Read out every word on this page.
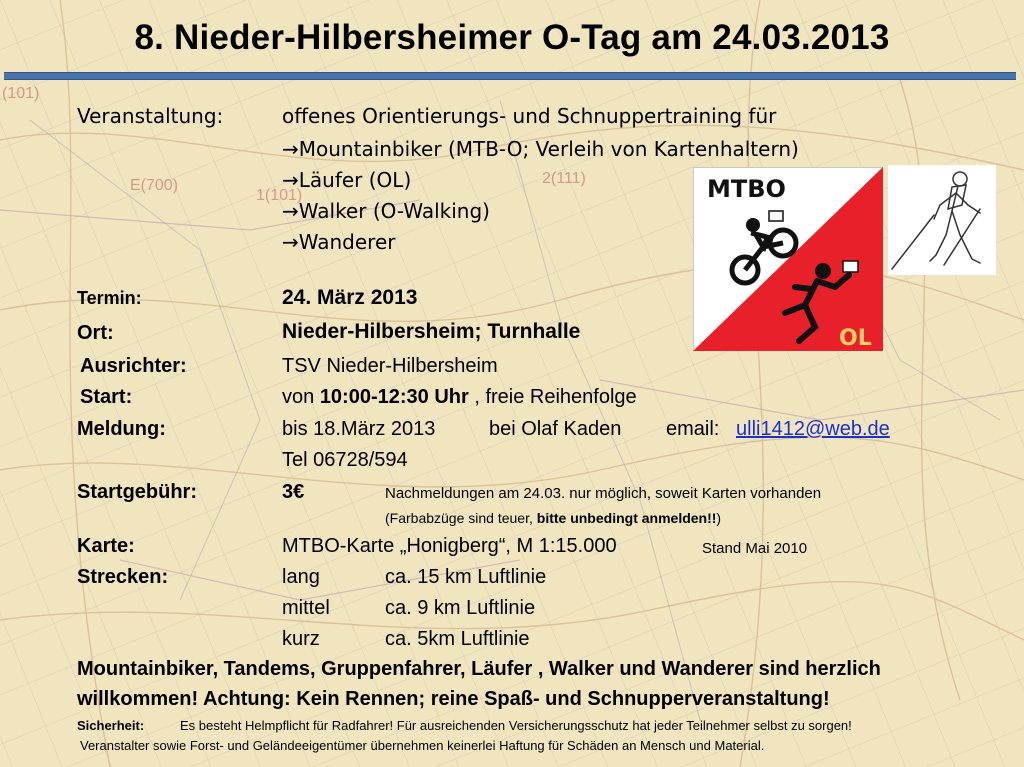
E(700)	2(111)
1(101)
(101)
8. Nieder-Hilbersheimer O-Tag am 24.03.2013
Veranstaltung:	offenes Orientierungs- und Schnuppertraining für
→Mountainbiker (MTB-O; Verleih von Kartenhaltern)
→Läufer (OL)
→Walker (O-Walking)
→Wanderer
Termin:	24. März 2013
Ort:	Nieder-Hilbersheim; Turnhalle
Ausrichter:	TSV Nieder-Hilbersheim
Start:	von 10:00-12:30 Uhr , freie Reihenfolge
Meldung:	bis 18.März 2013	bei Olaf Kaden email: ulli1412@web.de
Tel 06728/594
Startgebühr:	3€	Nachmeldungen am 24.03. nur möglich, soweit Karten vorhanden
(Farbabzüge sind teuer, bitte unbedingt anmelden!!)
Karte:	MTBO-Karte „Honigberg“, M 1:15.000	Stand Mai 2010
Strecken:	lang	ca. 15 km Luftlinie
mittel	ca. 9 km Luftlinie
kurz	ca. 5km Luftlinie
Mountainbiker, Tandems, Gruppenfahrer, Läufer , Walker und Wanderer sind herzlich
willkommen! Achtung: Kein Rennen; reine Spaß- und Schnupperveranstaltung!
Sicherheit:	Es besteht Helmpflicht für Radfahrer! Für ausreichenden Versicherungsschutz hat jeder Teilnehmer selbst zu sorgen!
Veranstalter sowie Forst- und Geländeeigentümer übernehmen keinerlei Haftung für Schäden an Mensch und Material.
MTBO
OL
